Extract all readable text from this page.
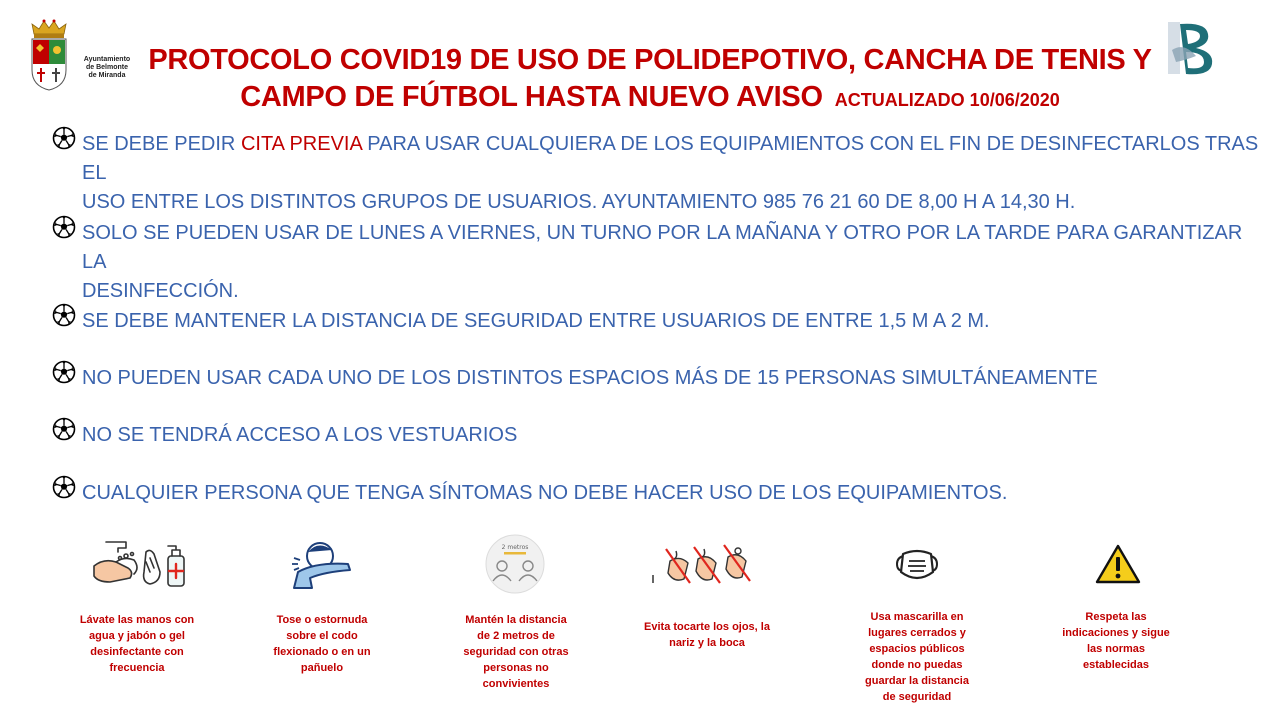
Ayuntamiento
de Belmonte
de Miranda PROTOCOLO COVID19 DE USO DE POLIDEPOTIVO, CANCHA DE TENIS Y
CAMPO DE FÚTBOL HASTA NUEVO AVISO ACTUALIZADO 10/06/2020
SE DEBE PEDIR CITA PREVIA PARA USAR CUALQUIERA DE LOS EQUIPAMIENTOS CON EL FIN DE DESINFECTARLOS TRAS EL
USO ENTRE LOS DISTINTOS GRUPOS DE USUARIOS. AYUNTAMIENTO 985 76 21 60 DE 8,00 H A 14,30 H.
SOLO SE PUEDEN USAR DE LUNES A VIERNES, UN TURNO POR LA MAÑANA Y OTRO POR LA TARDE PARA GARANTIZAR LA
DESINFECCIÓN.
SE DEBE MANTENER LA DISTANCIA DE SEGURIDAD ENTRE USUARIOS DE ENTRE 1,5 M A 2 M.
NO PUEDEN USAR CADA UNO DE LOS DISTINTOS ESPACIOS MÁS DE 15 PERSONAS SIMULTÁNEAMENTE
NO SE TENDRÁ ACCESO A LOS VESTUARIOS
CUALQUIER PERSONA QUE TENGA SÍNTOMAS NO DEBE HACER USO DE LOS EQUIPAMIENTOS.
2 metros
Lávate las manos con
agua y jabón o gel
desinfectante con
frecuencia
Tose o estornuda
sobre el codo
flexionado o en un
pañuelo
Mantén la distancia
de 2 metros de
seguridad con otras
personas no
convivientes
Evita tocarte los ojos, la
nariz y la boca
Usa mascarilla en
lugares cerrados y
espacios públicos
donde no puedas
guardar la distancia
de seguridad
Respeta las
indicaciones y sigue
las normas
establecidas
